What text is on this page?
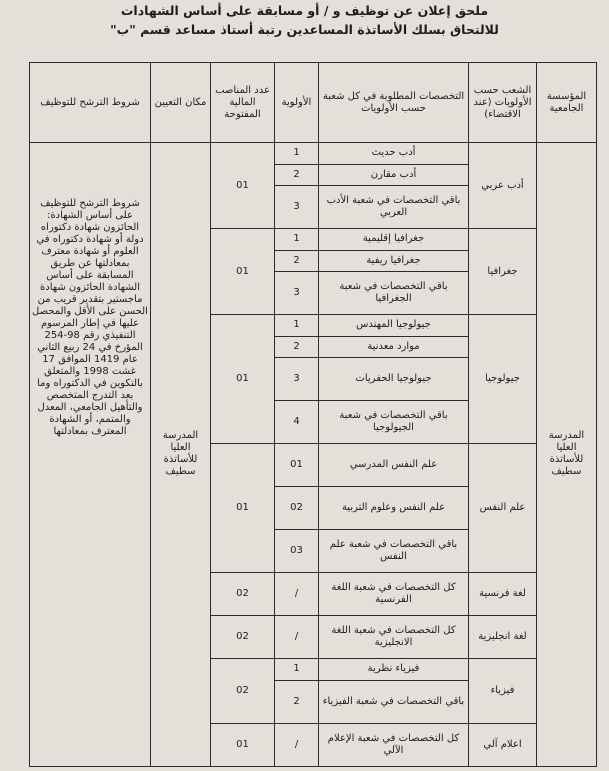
ملحق إعلان عن توظيف و / أو مسابقة على أساس الشهادات
للالتحاق بسلك الأساتذة المساعدين رتبة أستاذ مساعد قسم "ب"
المؤسسة الجامعية	الشعب حسب الأولويات (عند الاقتضاء)	التخصصات المطلوبة في كل شعبة حسب الأولويات	الأولوية	عدد المناصب المالية المفتوحة	مكان التعيين	شروط الترشح للتوظيف
المدرسة العليا للأساتذة سطيف	أدب عربي	أدب حديث	1	01	المدرسة العليا للأساتذة سطيف	شروط الترشح للتوظيف على أساس الشهادة: الحائزون شهادة دكتوراه دولة أو شهادة دكتوراه في العلوم أو شهادة معترف بمعادلتها عن طريق المسابقة على أساس الشهادة الحائزون شهادة ماجستير بتقدير قريب من الحسن على الأقل والمحصل عليها في إطار المرسوم التنفيذي رقم 98-254 المؤرخ في 24 ربيع الثاني عام 1419 الموافق 17 غشت 1998 والمتعلق بالتكوين في الدكتوراه وما بعد التدرج المتخصص والتأهيل الجامعي، المعدل والمتمم، أو الشهادة المعترف بمعادلتها
		أدب مقارن	2			
		باقي التخصصات في شعبة الأدب العربي	3			
	جغرافيا	جغرافيا إقليمية	1	01		
		جغرافيا ريفية	2			
		باقي التخصصات في شعبة الجغرافيا	3			
	جيولوجيا	جيولوجيا المهندس	1	01		
		موارد معدنية	2			
		جيولوجيا الحفريات	3			
		باقي التخصصات في شعبة الجيولوجيا	4			
	علم النفس	علم النفس المدرسي	01	01		
		علم النفس وعلوم التربية	02			
		باقي التخصصات في شعبة علم النفس	03			
	لغة فرنسية	كل التخصصات في شعبة اللغة الفرنسية	/	02		
	لغة انجليزية	كل التخصصات في شعبة اللغة الانجليزية	/	02		
	فيزياء	فيزياء نظرية	1	02		
		باقي التخصصات في شعبة الفيزياء	2			
	اعلام آلي	كل التخصصات في شعبة الإعلام الآلي	/	01		
